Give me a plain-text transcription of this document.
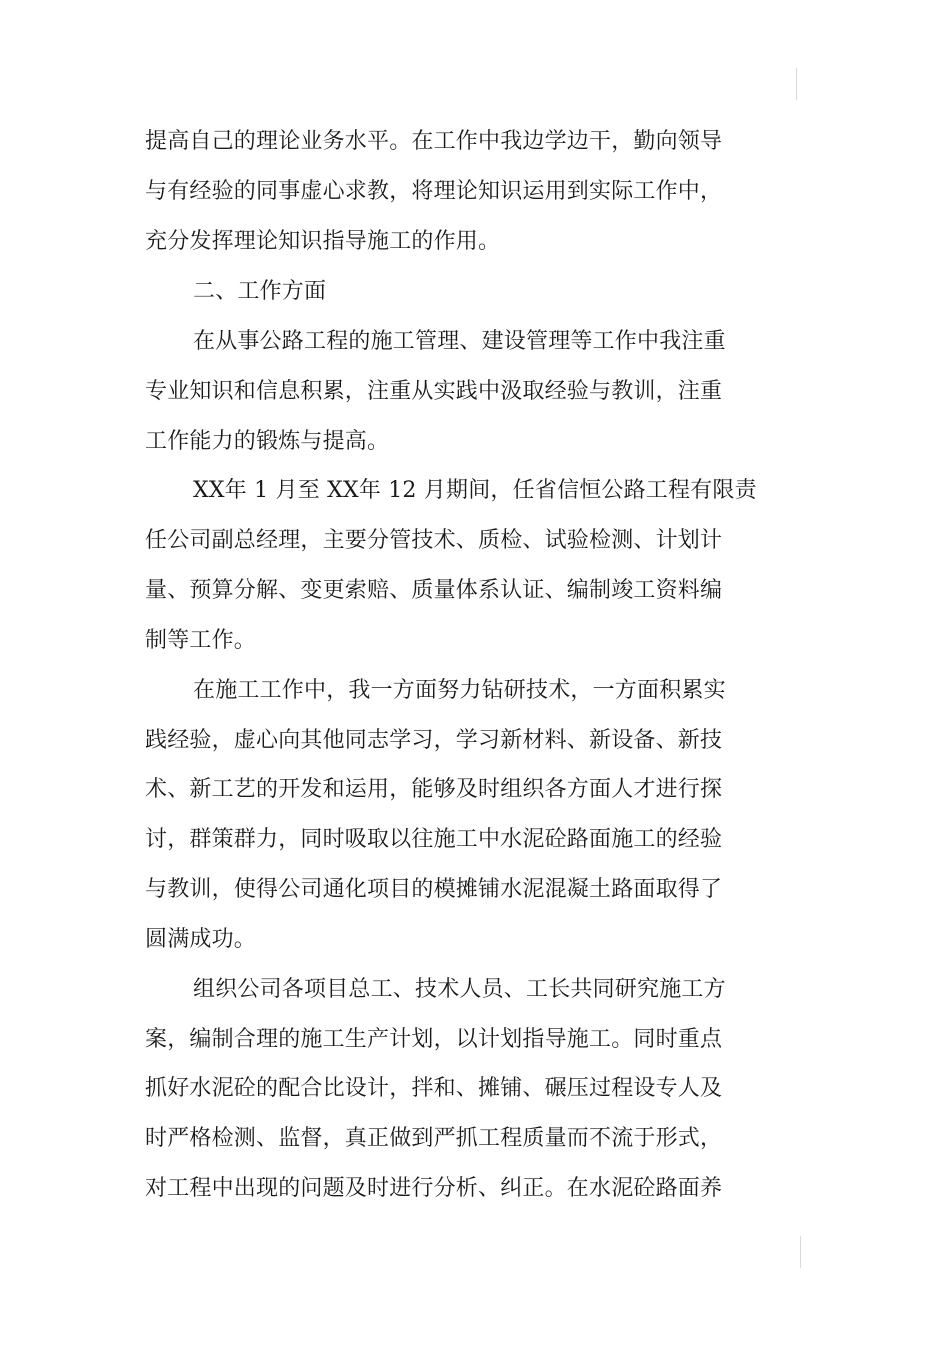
提高自己的理论业务水平。在工作中我边学边干，勤向领导
与有经验的同事虚心求教，将理论知识运用到实际工作中，
充分发挥理论知识指导施工的作用。
二、工作方面
在从事公路工程的施工管理、建设管理等工作中我注重
专业知识和信息积累，注重从实践中汲取经验与教训，注重
工作能力的锻炼与提高。
XX年 1 月至 XX年 12 月期间，任省信恒公路工程有限责
任公司副总经理，主要分管技术、质检、试验检测、计划计
量、预算分解、变更索赔、质量体系认证、编制竣工资料编
制等工作。
在施工工作中，我一方面努力钻研技术，一方面积累实
践经验，虚心向其他同志学习，学习新材料、新设备、新技
术、新工艺的开发和运用，能够及时组织各方面人才进行探
讨，群策群力，同时吸取以往施工中水泥砼路面施工的经验
与教训，使得公司通化项目的模摊铺水泥混凝土路面取得了
圆满成功。
组织公司各项目总工、技术人员、工长共同研究施工方
案，编制合理的施工生产计划，以计划指导施工。同时重点
抓好水泥砼的配合比设计，拌和、摊铺、碾压过程设专人及
时严格检测、监督，真正做到严抓工程质量而不流于形式，
对工程中出现的问题及时进行分析、纠正。在水泥砼路面养
